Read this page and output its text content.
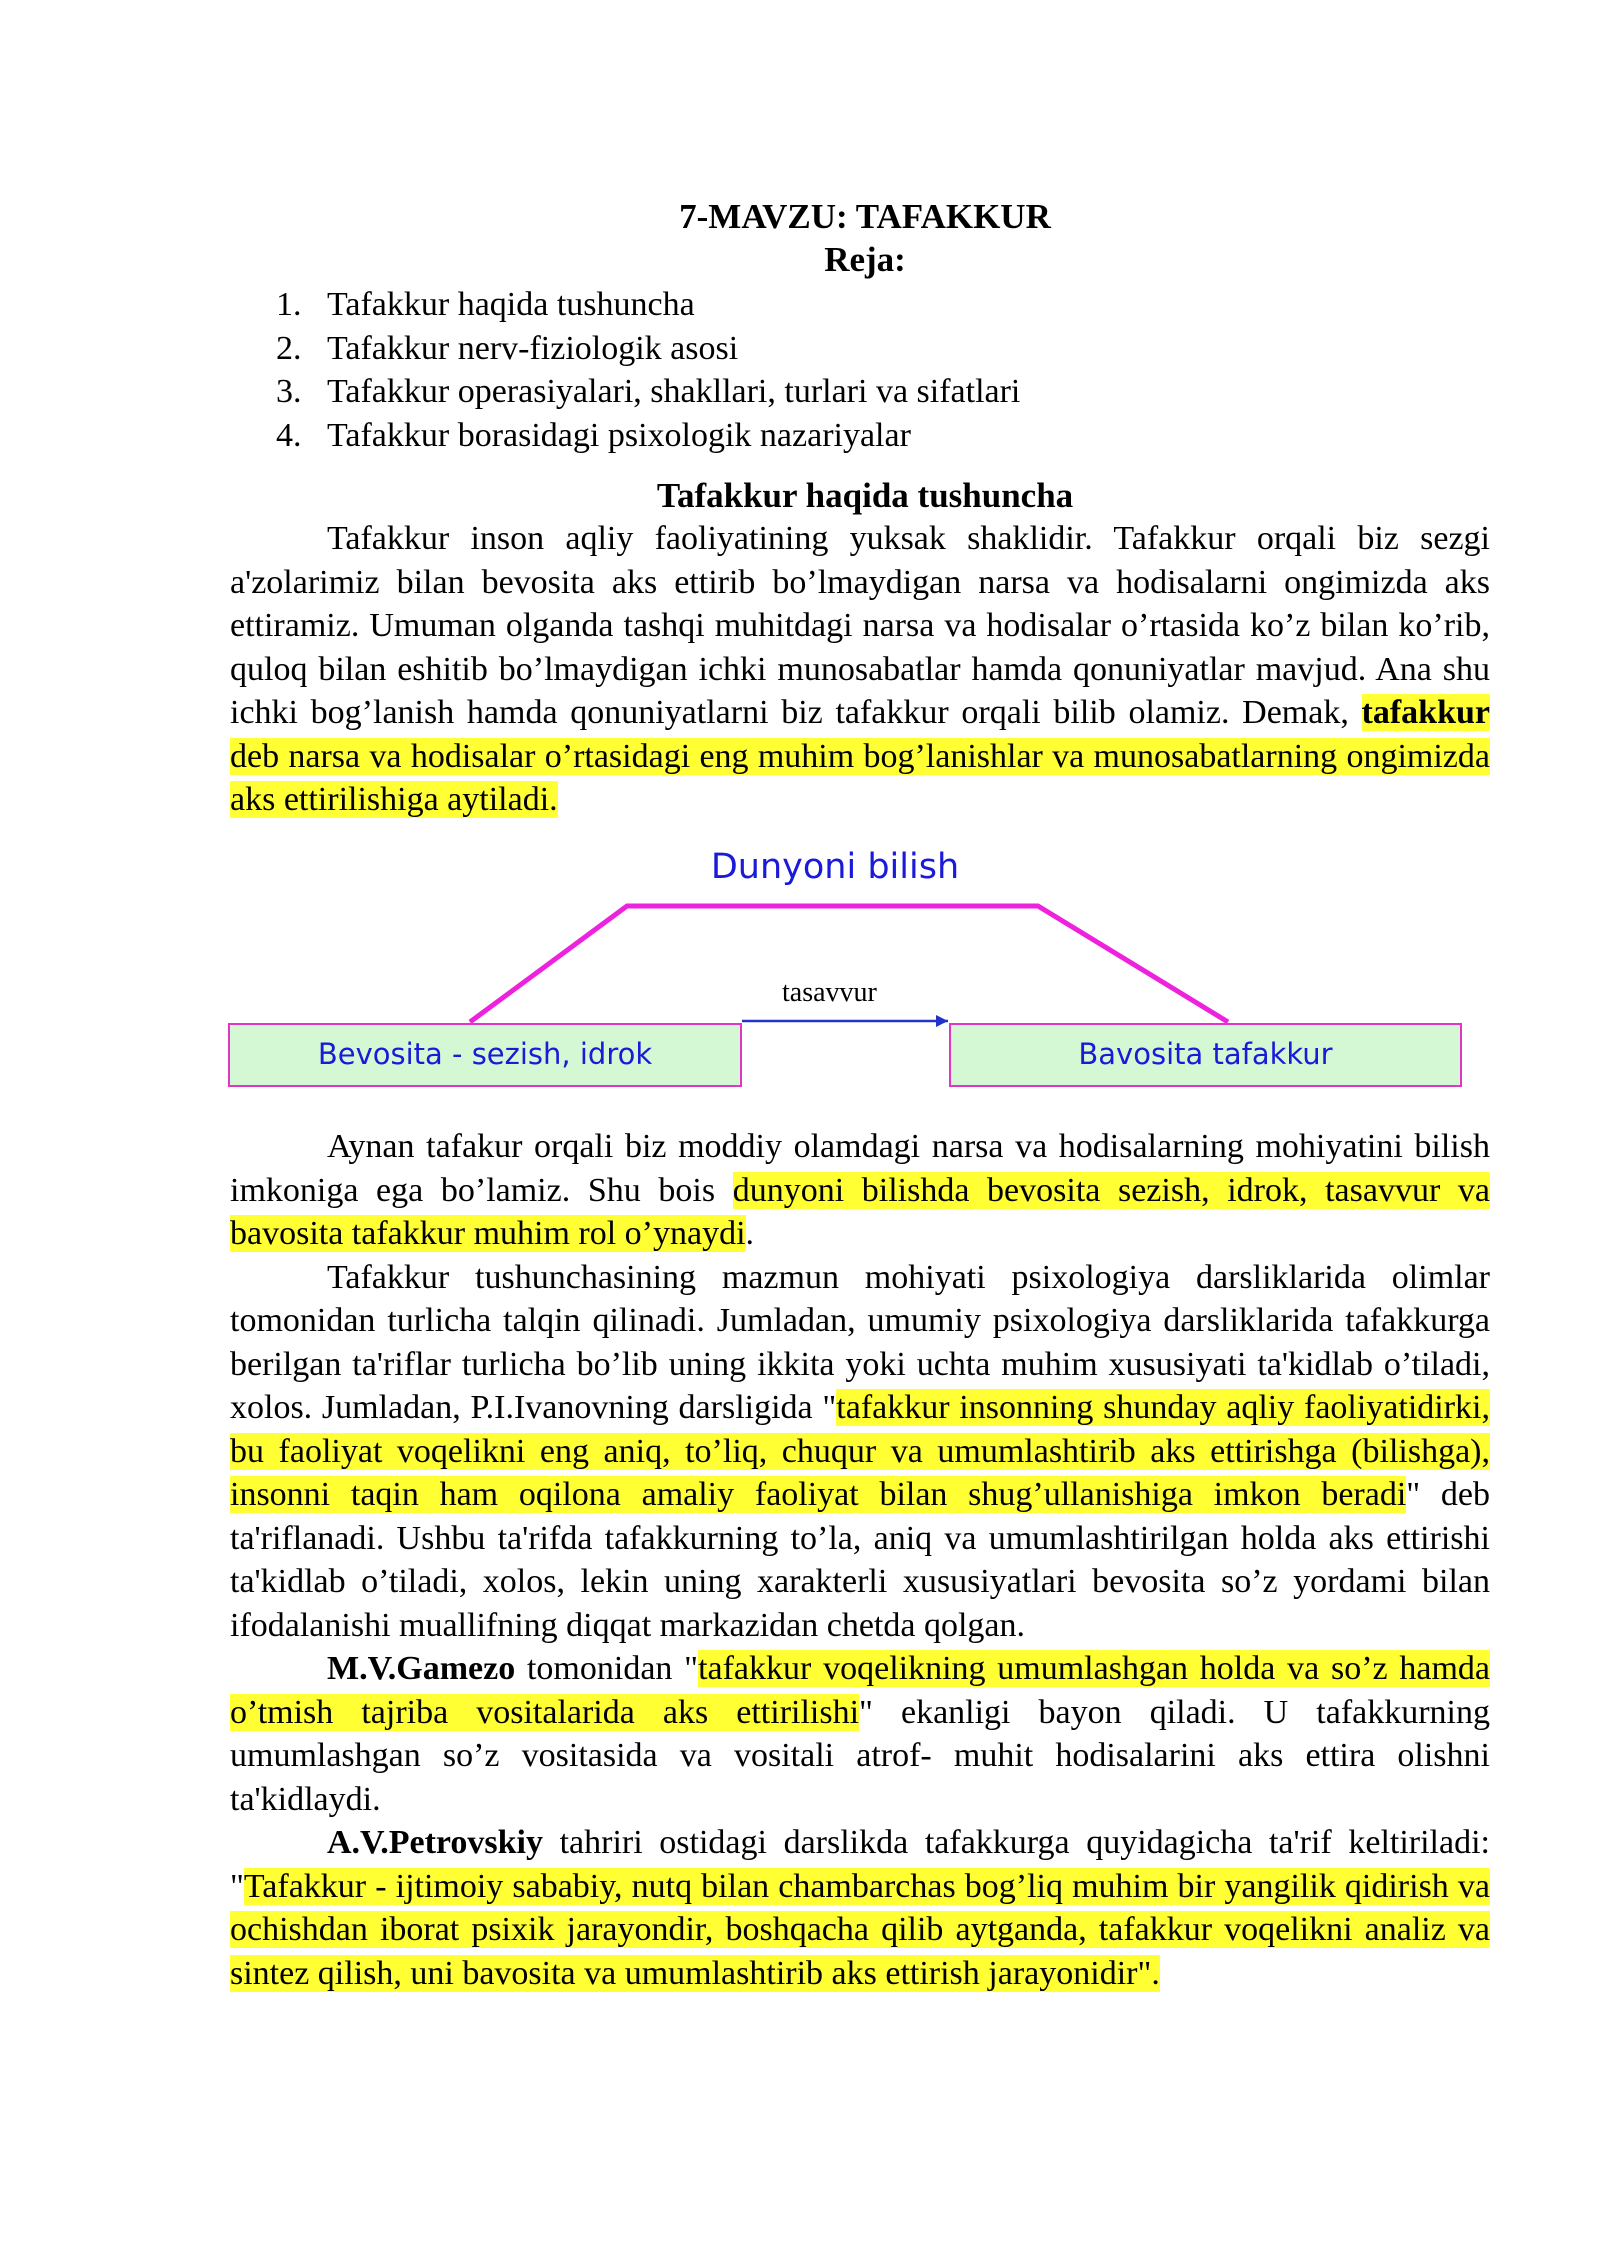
7-MAVZU: TAFAKKUR
Reja:
1. Tafakkur haqida tushuncha
2. Tafakkur nerv-fiziologik asosi
3. Tafakkur operasiyalari, shakllari, turlari va sifatlari
4. Tafakkur borasidagi psixologik nazariyalar
Tafakkur haqida tushuncha

Tafakkur inson aqliy faoliyatining yuksak shaklidir. Tafakkur orqali biz sezgi a'zolarimiz bilan bevosita aks ettirib bo’lmaydigan narsa va hodisalarni ongimizda aks ettiramiz. Umuman olganda tashqi muhitdagi narsa va hodisalar o’rtasida ko’z bilan ko’rib, quloq bilan eshitib bo’lmaydigan ichki munosabatlar hamda qonuniyatlar mavjud. Ana shu ichki bog’lanish hamda qonuniyatlarni biz tafakkur orqali bilib olamiz. Demak, tafakkur deb narsa va hodisalar o’rtasidagi eng muhim bog’lanishlar va munosabatlarning ongimizda aks ettirilishiga aytiladi.

Dunyoni bilish
tasavvur
Bevosita - sezish, idrok	Bavosita tafakkur

Aynan tafakur orqali biz moddiy olamdagi narsa va hodisalarning mohiyatini bilish imkoniga ega bo’lamiz. Shu bois dunyoni bilishda bevosita sezish, idrok, tasavvur va bavosita tafakkur muhim rol o’ynaydi.

Tafakkur tushunchasining mazmun mohiyati psixologiya darsliklarida olimlar tomonidan turlicha talqin qilinadi. Jumladan, umumiy psixologiya darsliklarida tafakkurga berilgan ta'riflar turlicha bo’lib uning ikkita yoki uchta muhim xususiyati ta'kidlab o’tiladi, xolos. Jumladan, P.I.Ivanovning darsligida "tafakkur insonning shunday aqliy faoliyatidirki, bu faoliyat voqelikni eng aniq, to’liq, chuqur va umumlashtirib aks ettirishga (bilishga), insonni taqin ham oqilona amaliy faoliyat bilan shug’ullanishiga imkon beradi" deb ta'riflanadi. Ushbu ta'rifda tafakkurning to’la, aniq va umumlashtirilgan holda aks ettirishi ta'kidlab o’tiladi, xolos, lekin uning xarakterli xususiyatlari bevosita so’z yordami bilan ifodalanishi muallifning diqqat markazidan chetda qolgan.

M.V.Gamezo tomonidan "tafakkur voqelikning umumlashgan holda va so’z hamda o’tmish tajriba vositalarida aks ettirilishi" ekanligi bayon qiladi. U tafakkurning umumlashgan so’z vositasida va vositali atrof- muhit hodisalarini aks ettira olishni ta'kidlaydi.

A.V.Petrovskiy tahriri ostidagi darslikda tafakkurga quyidagicha ta'rif keltiriladi: "Tafakkur - ijtimoiy sababiy, nutq bilan chambarchas bog’liq muhim bir yangilik qidirish va ochishdan iborat psixik jarayondir, boshqacha qilib aytganda, tafakkur voqelikni analiz va sintez qilish, uni bavosita va umumlashtirib aks ettirish jarayonidir".
